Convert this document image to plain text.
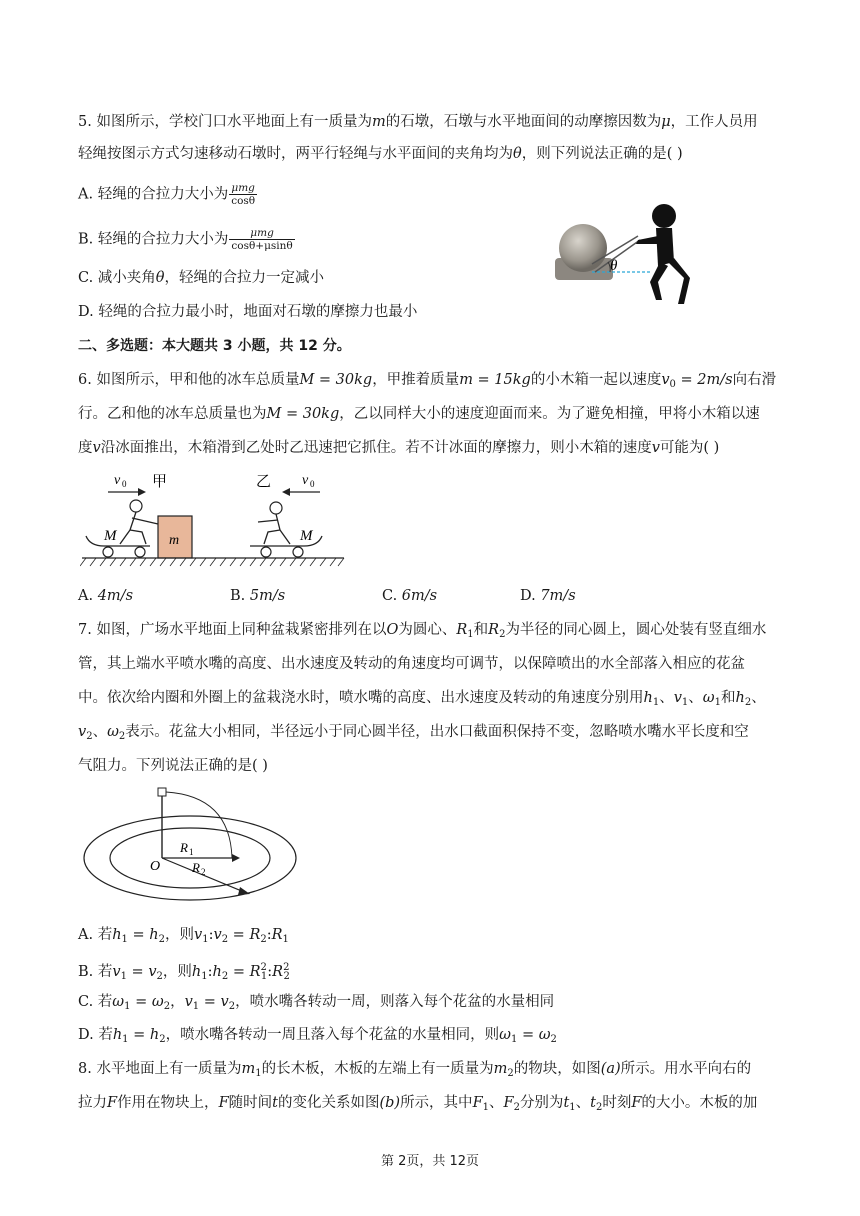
5. 如图所示，学校门口水平地面上有一质量为m的石墩，石墩与水平地面间的动摩擦因数为μ，工作人员用
轻绳按图示方式匀速移动石墩时，两平行轻绳与水平面间的夹角均为θ，则下列说法正确的是( )
A. 轻绳的合拉力大小为 $\frac{\text{μmg}}{\cos\theta}$
B. 轻绳的合拉力大小为 $\frac{\text{μmg}}{\cos\theta+\mu\sin\theta}$
C. 减小夹角θ，轻绳的合拉力一定减小
D. 轻绳的合拉力最小时，地面对石墩的摩擦力也最小
θ
二、多选题：本大题共 3 小题，共 12 分。
6. 如图所示，甲和他的冰车总质量M = 30kg，甲推着质量m = 15kg的小木箱一起以速度$v_0 = 2m/s$向右滑
行。乙和他的冰车总质量也为M = 30kg，乙以同样大小的速度迎面而来。为了避免相撞，甲将小木箱以速
度v沿冰面推出，木箱滑到乙处时乙迅速把它抓住。若不计冰面的摩擦力，则小木箱的速度v可能为( )
v 0 甲	乙 v 0
M	m	M
A. 4m/s	B. 5m/s	C. 6m/s	D. 7m/s
7. 如图，广场水平地面上同种盆栽紧密排列在以O为圆心、$R_1$和$R_2$为半径的同心圆上，圆心处装有竖直细水
管，其上端水平喷水嘴的高度、出水速度及转动的角速度均可调节，以保障喷出的水全部落入相应的花盆
中。依次给内圈和外圈上的盆栽浇水时，喷水嘴的高度、出水速度及转动的角速度分别用$h_1$、$v_1$、$\omega_1$和$h_2$、
$v_2$、$\omega_2$表示。花盆大小相同，半径远小于同心圆半径，出水口截面积保持不变，忽略喷水嘴水平长度和空
气阻力。下列说法正确的是( )
O
R 1
R 2
A. 若$h_1 = h_2$，则$v_1:v_2$ = $R_2:R_1$
B. 若$v_1 = v_2$，则$h_1:h_2$ = $R^2_1:R^2_2$
C. 若$\omega_1 = \omega_2$，$v_1 = v_2$，喷水嘴各转动一周，则落入每个花盆的水量相同
D. 若$h_1 = h_2$，喷水嘴各转动一周且落入每个花盆的水量相同，则$\omega_1 = \omega_2$
8. 水平地面上有一质量为$m_1$的长木板，木板的左端上有一质量为$m_2$的物块，如图(a)所示。用水平向右的
拉力F作用在物块上，F随时间t的变化关系如图(b)所示，其中$F_1$、$F_2$分别为$t_1$、$t_2$时刻F的大小。木板的加
第 2页，共 12页
